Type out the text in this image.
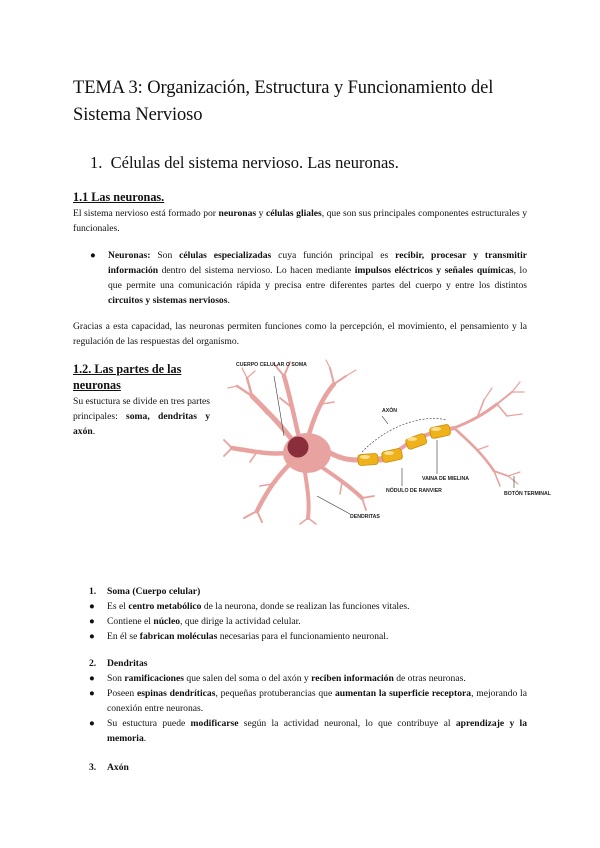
TEMA 3: Organización, Estructura y Funcionamiento del Sistema Nervioso
1. Células del sistema nervioso. Las neuronas.
1.1 Las neuronas.
El sistema nervioso está formado por neuronas y células gliales, que son sus principales componentes estructurales y funcionales.
● Neuronas: Son células especializadas cuya función principal es recibir, procesar y transmitir información dentro del sistema nervioso. Lo hacen mediante impulsos eléctricos y señales químicas, lo que permite una comunicación rápida y precisa entre diferentes partes del cuerpo y entre los distintos circuitos y sistemas nerviosos.
Gracias a esta capacidad, las neuronas permiten funciones como la percepción, el movimiento, el pensamiento y la regulación de las respuestas del organismo.
1.2. Las partes de las neuronas
Su estuctura se divide en tres partes principales: soma, dendritas y axón.
CUERPO CELULAR O SOMA
AXÓN
NÓDULO DE RANVIER
VAINA DE MIELINA
BOTÓN TERMINAL
DENDRITAS
1. Soma (Cuerpo celular)
● Es el centro metabólico de la neurona, donde se realizan las funciones vitales.
● Contiene el núcleo, que dirige la actividad celular.
● En él se fabrican moléculas necesarias para el funcionamiento neuronal.
2. Dendritas
● Son ramificaciones que salen del soma o del axón y reciben información de otras neuronas.
● Poseen espinas dendríticas, pequeñas protuberancias que aumentan la superficie receptora, mejorando la conexión entre neuronas.
● Su estuctura puede modificarse según la actividad neuronal, lo que contribuye al aprendizaje y la memoria.
3. Axón
